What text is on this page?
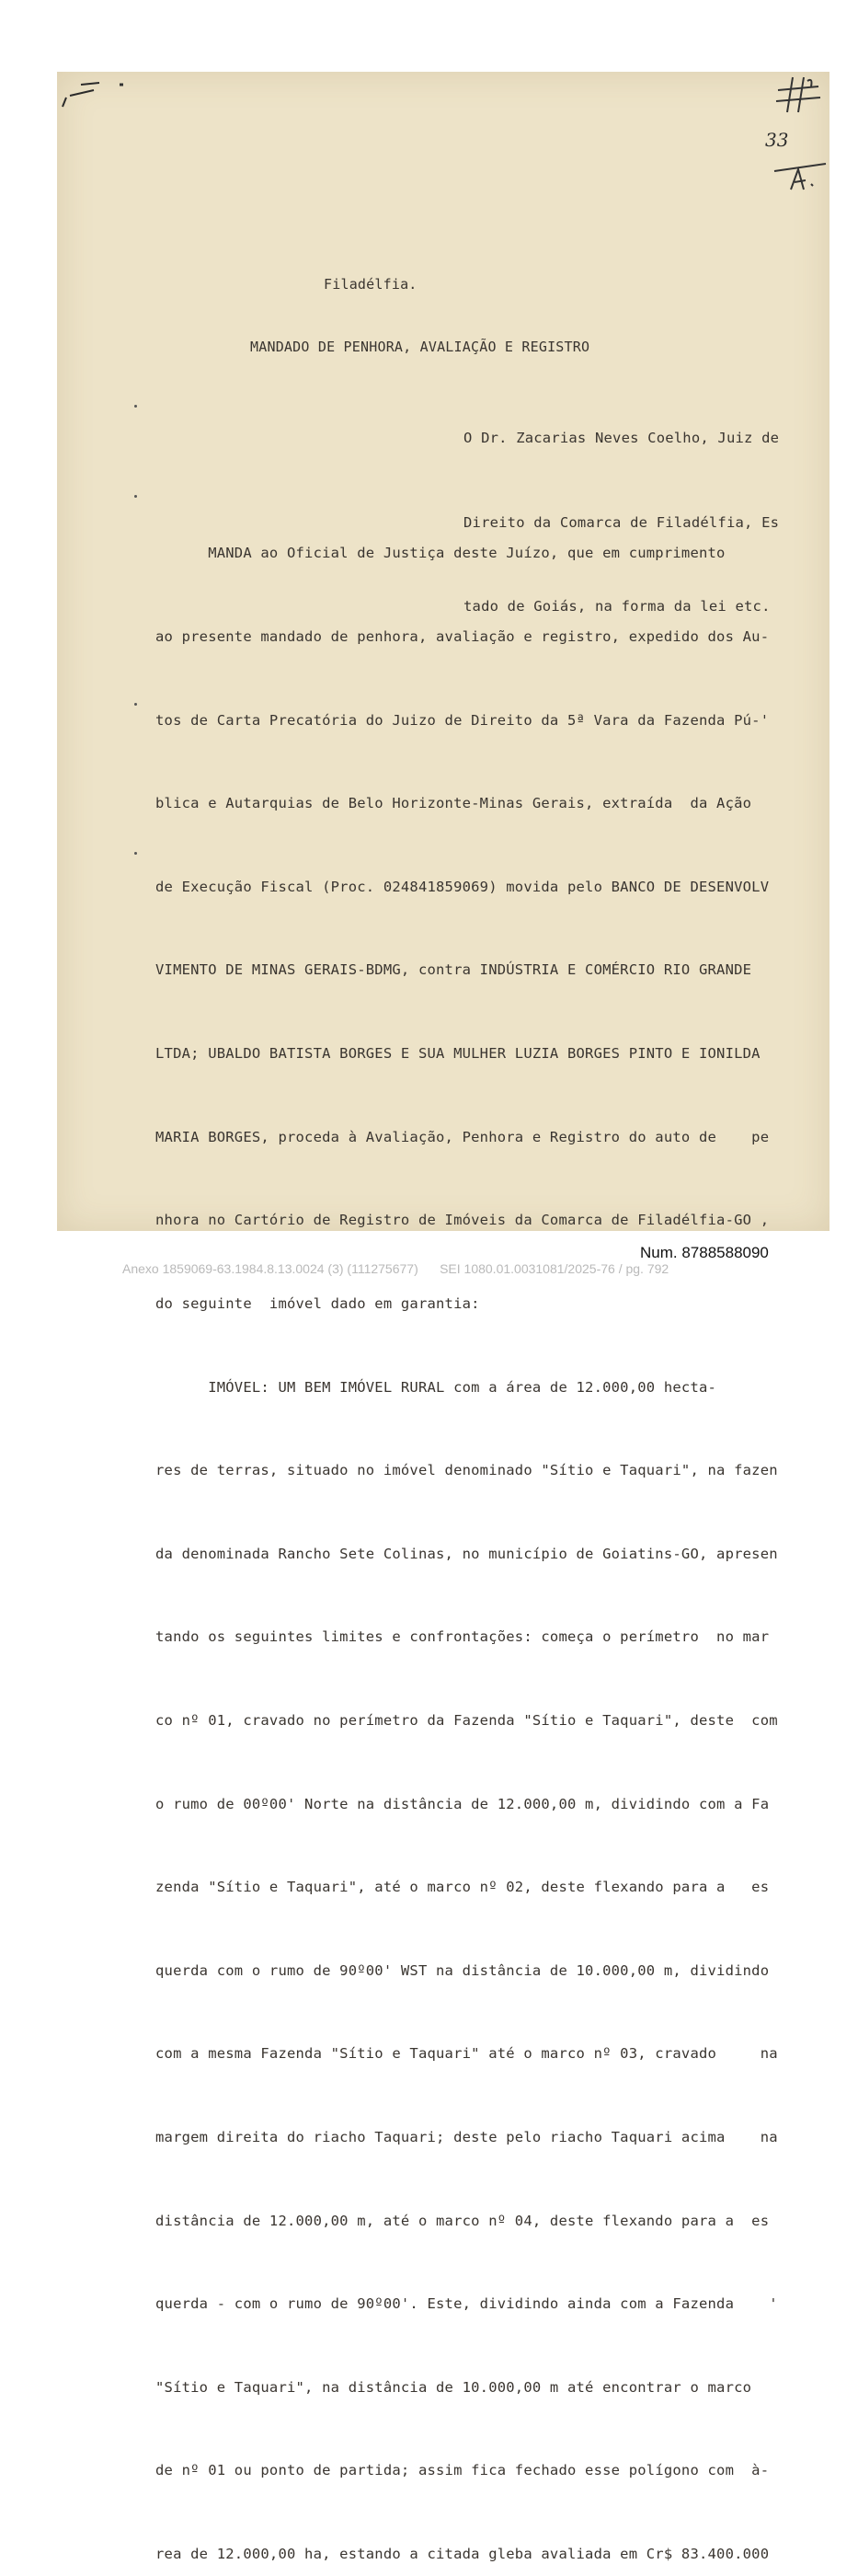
33
Filadélfia.
MANDADO DE PENHORA, AVALIAÇÃO E REGISTRO

O Dr. Zacarias Neves Coelho, Juiz de

Direito da Comarca de Filadélfia, Es

tado de Goiás, na forma da lei etc.

MANDA ao Oficial de Justiça deste Juízo, que em cumprimento

ao presente mandado de penhora, avaliação e registro, expedido dos Au-

tos de Carta Precatória do Juizo de Direito da 5ª Vara da Fazenda Pú-'

blica e Autarquias de Belo Horizonte-Minas Gerais, extraída  da Ação

de Execução Fiscal (Proc. 024841859069) movida pelo BANCO DE DESENVOLV

VIMENTO DE MINAS GERAIS-BDMG, contra INDÚSTRIA E COMÉRCIO RIO GRANDE

LTDA; UBALDO BATISTA BORGES E SUA MULHER LUZIA BORGES PINTO E IONILDA

MARIA BORGES, proceda à Avaliação, Penhora e Registro do auto de    pe

nhora no Cartório de Registro de Imóveis da Comarca de Filadélfia-GO ,

do seguinte  imóvel dado em garantia:

IMÓVEL: UM BEM IMÓVEL RURAL com a área de 12.000,00 hecta-

res de terras, situado no imóvel denominado "Sítio e Taquari", na fazen

da denominada Rancho Sete Colinas, no município de Goiatins-GO, apresen

tando os seguintes limites e confrontações: começa o perímetro  no mar

co nº 01, cravado no perímetro da Fazenda "Sítio e Taquari", deste  com

o rumo de 00º00' Norte na distância de 12.000,00 m, dividindo com a Fa

zenda "Sítio e Taquari", até o marco nº 02, deste flexando para a   es

querda com o rumo de 90º00' WST na distância de 10.000,00 m, dividindo

com a mesma Fazenda "Sítio e Taquari" até o marco nº 03, cravado     na

margem direita do riacho Taquari; deste pelo riacho Taquari acima    na

distância de 12.000,00 m, até o marco nº 04, deste flexando para a  es

querda - com o rumo de 90º00'. Este, dividindo ainda com a Fazenda    '

"Sítio e Taquari", na distância de 10.000,00 m até encontrar o marco

de nº 01 ou ponto de partida; assim fica fechado esse polígono com  à-

rea de 12.000,00 ha, estando a citada gleba avaliada em Cr$ 83.400.000

Num. 8788588090
Anexo 1859069-63.1984.8.13.0024 (3) (111275677)      SEI 1080.01.0031081/2025-76 / pg. 792
